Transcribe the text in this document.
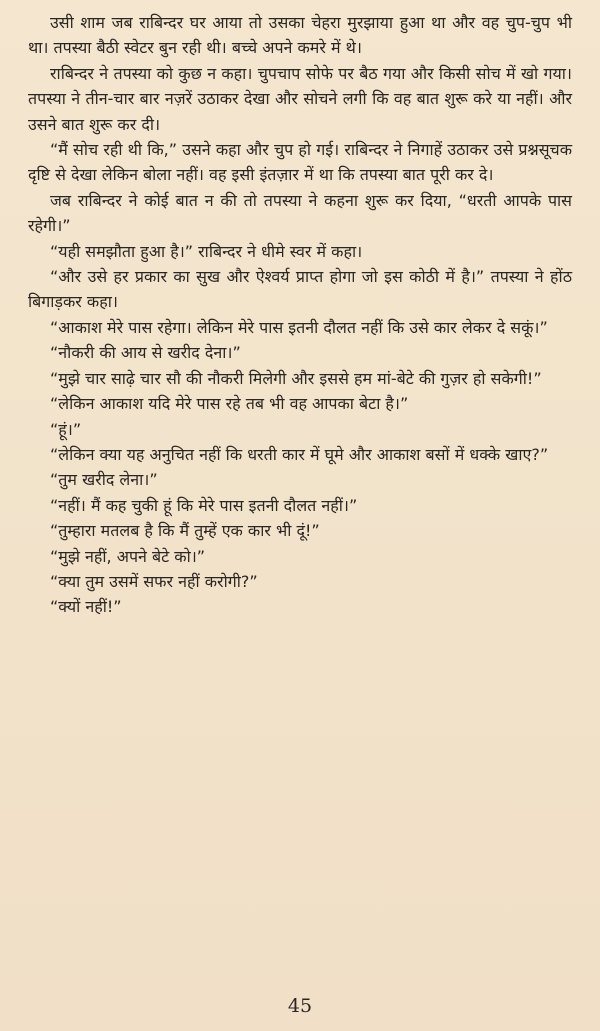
उसी शाम जब राबिन्दर घर आया तो उसका चेहरा मुरझाया हुआ था और वह चुप-चुप भी था। तपस्या बैठी स्वेटर बुन रही थी। बच्चे अपने कमरे में थे।

राबिन्दर ने तपस्या को कुछ न कहा। चुपचाप सोफे पर बैठ गया और किसी सोच में खो गया। तपस्या ने तीन-चार बार नज़रें उठाकर देखा और सोचने लगी कि वह बात शुरू करे या नहीं। और उसने बात शुरू कर दी।

“मैं सोच रही थी कि,” उसने कहा और चुप हो गई। राबिन्दर ने निगाहें उठाकर उसे प्रश्नसूचक दृष्टि से देखा लेकिन बोला नहीं। वह इसी इंतज़ार में था कि तपस्या बात पूरी कर दे।

जब राबिन्दर ने कोई बात न की तो तपस्या ने कहना शुरू कर दिया, “धरती आपके पास रहेगी।”

“यही समझौता हुआ है।” राबिन्दर ने धीमे स्वर में कहा।

“और उसे हर प्रकार का सुख और ऐश्वर्य प्राप्त होगा जो इस कोठी में है।” तपस्या ने होंठ बिगाड़कर कहा।

“आकाश मेरे पास रहेगा। लेकिन मेरे पास इतनी दौलत नहीं कि उसे कार लेकर दे सकूं।”

“नौकरी की आय से खरीद देना।”

“मुझे चार साढ़े चार सौ की नौकरी मिलेगी और इससे हम मां-बेटे की गुज़र हो सकेगी!”

“लेकिन आकाश यदि मेरे पास रहे तब भी वह आपका बेटा है।”

“हूं।”

“लेकिन क्या यह अनुचित नहीं कि धरती कार में घूमे और आकाश बसों में धक्के खाए?”

“तुम खरीद लेना।”

“नहीं। मैं कह चुकी हूं कि मेरे पास इतनी दौलत नहीं।”

“तुम्हारा मतलब है कि मैं तुम्हें एक कार भी दूं!”

“मुझे नहीं, अपने बेटे को।”

“क्या तुम उसमें सफर नहीं करोगी?”

“क्यों नहीं!”

45
